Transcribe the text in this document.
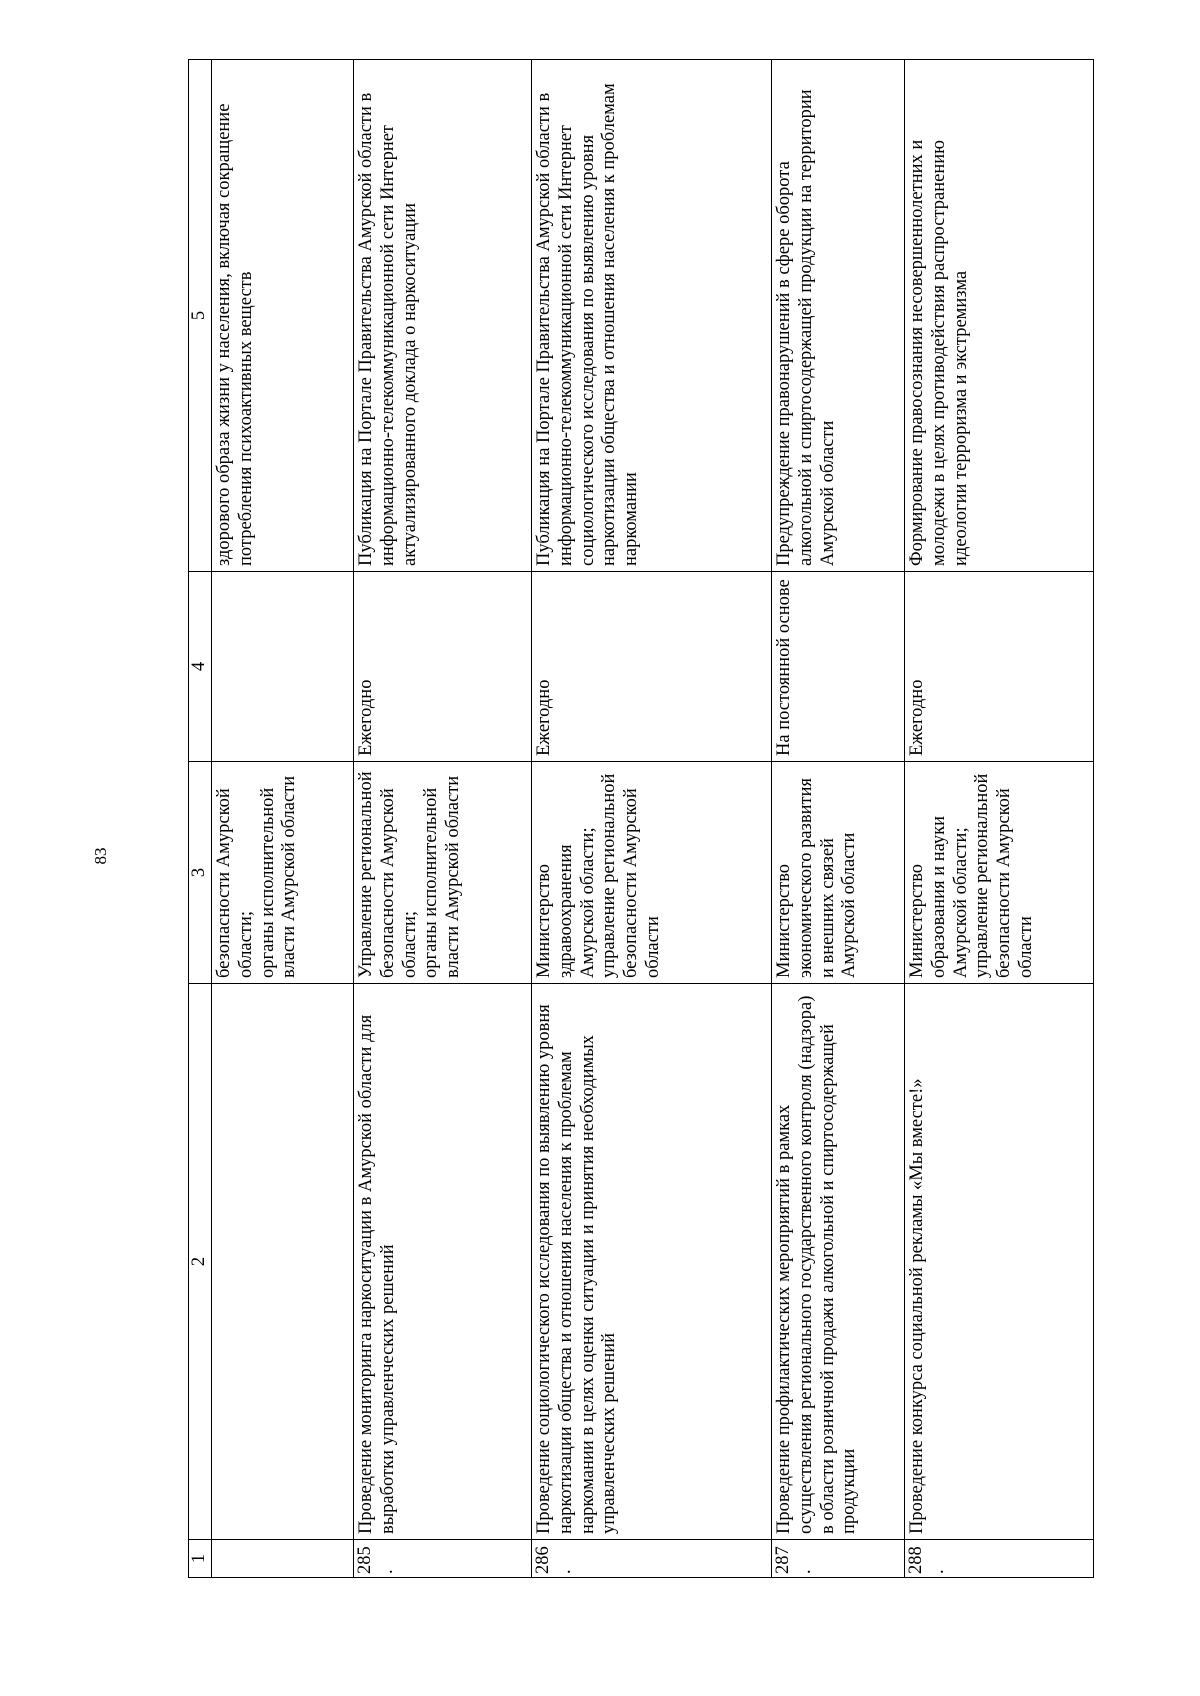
83
1	2	3	4	5
		безопасности Амурской области;
органы исполнительной власти Амурской области		здорового образа жизни у населения, включая сокращение потребления психоактивных веществ
285.	Проведение мониторинга наркоситуации в Амурской области для выработки управленческих решений	Управление региональной безопасности Амурской области;
органы исполнительной власти Амурской области	Ежегодно	Публикация на Портале Правительства Амурской области в информационно-телекоммуникационной сети Интернет актуализированного доклада о наркоситуации
286.	Проведение социологического исследования по выявлению уровня наркотизации общества и отношения населения к проблемам наркомании в целях оценки ситуации и принятия необходимых управленческих решений	Министерство здравоохранения Амурской области;
управление региональной безопасности Амурской области	Ежегодно	Публикация на Портале Правительства Амурской области в информационно-телекоммуникационной сети Интернет социологического исследования по выявлению уровня наркотизации общества и отношения населения к проблемам наркомании
287.	Проведение профилактических мероприятий в рамках осуществления регионального государственного контроля (надзора) в области розничной продажи алкогольной и спиртосодержащей продукции	Министерство экономического развития и внешних связей Амурской области	На постоянной основе	Предупреждение правонарушений в сфере оборота алкогольной и спиртосодержащей продукции на территории Амурской области
288.	Проведение конкурса социальной рекламы «Мы вместе!»	Министерство образования и науки Амурской области;
управление региональной безопасности Амурской области	Ежегодно	Формирование правосознания несовершеннолетних и молодежи в целях противодействия распространению идеологии терроризма и экстремизма
